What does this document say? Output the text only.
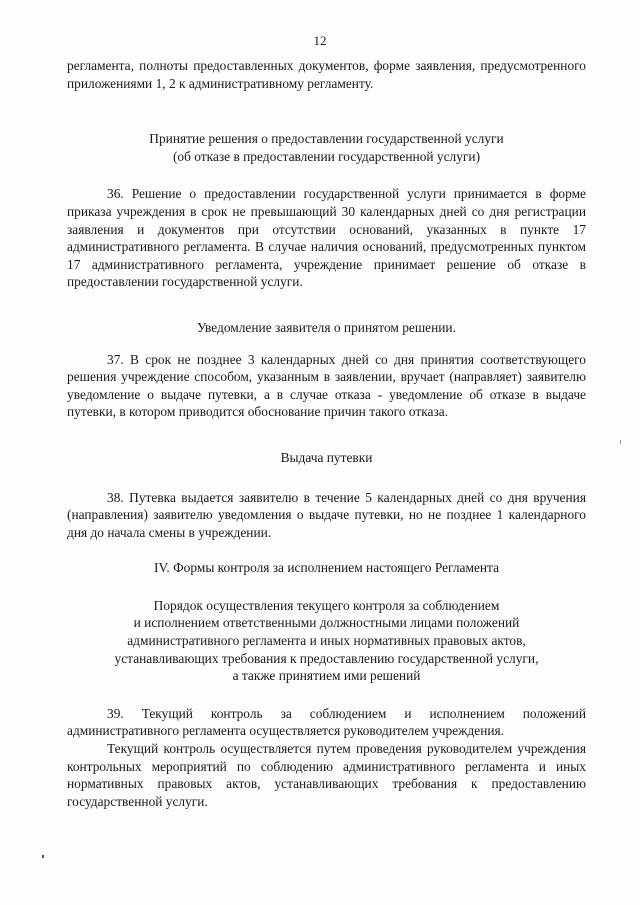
12

регламента, полноты предоставленных документов, форме заявления, предусмотренного приложениями 1, 2 к административному регламенту.

Принятие решения о предоставлении государственной услуги

(об отказе в предоставлении государственной услуги)

36. Решение о предоставлении государственной услуги принимается в форме приказа учреждения в срок не превышающий 30 календарных дней со дня регистрации заявления и документов при отсутствии оснований, указанных в пункте 17 административного регламента. В случае наличия оснований, предусмотренных пунктом 17 административного регламента, учреждение принимает решение об отказе в предоставлении государственной услуги.

Уведомление заявителя о принятом решении.

37. В срок не позднее 3 календарных дней со дня принятия соответствующего решения учреждение способом, указанным в заявлении, вручает (направляет) заявителю уведомление о выдаче путевки, а в случае отказа - уведомление об отказе в выдаче путевки, в котором приводится обоснование причин такого отказа.

Выдача путевки

38. Путевка выдается заявителю в течение 5 календарных дней со дня вручения (направления) заявителю уведомления о выдаче путевки, но не позднее 1 календарного дня до начала смены в учреждении.

IV. Формы контроля за исполнением настоящего Регламента

Порядок осуществления текущего контроля за соблюдением

и исполнением ответственными должностными лицами положений

административного регламента и иных нормативных правовых актов,

устанавливающих требования к предоставлению государственной услуги,

а также принятием ими решений

39. Текущий контроль за соблюдением и исполнением положений административного регламента осуществляется руководителем учреждения.

Текущий контроль осуществляется путем проведения руководителем учреждения контрольных мероприятий по соблюдению административного регламента и иных нормативных правовых актов, устанавливающих требования к предоставлению государственной услуги.
